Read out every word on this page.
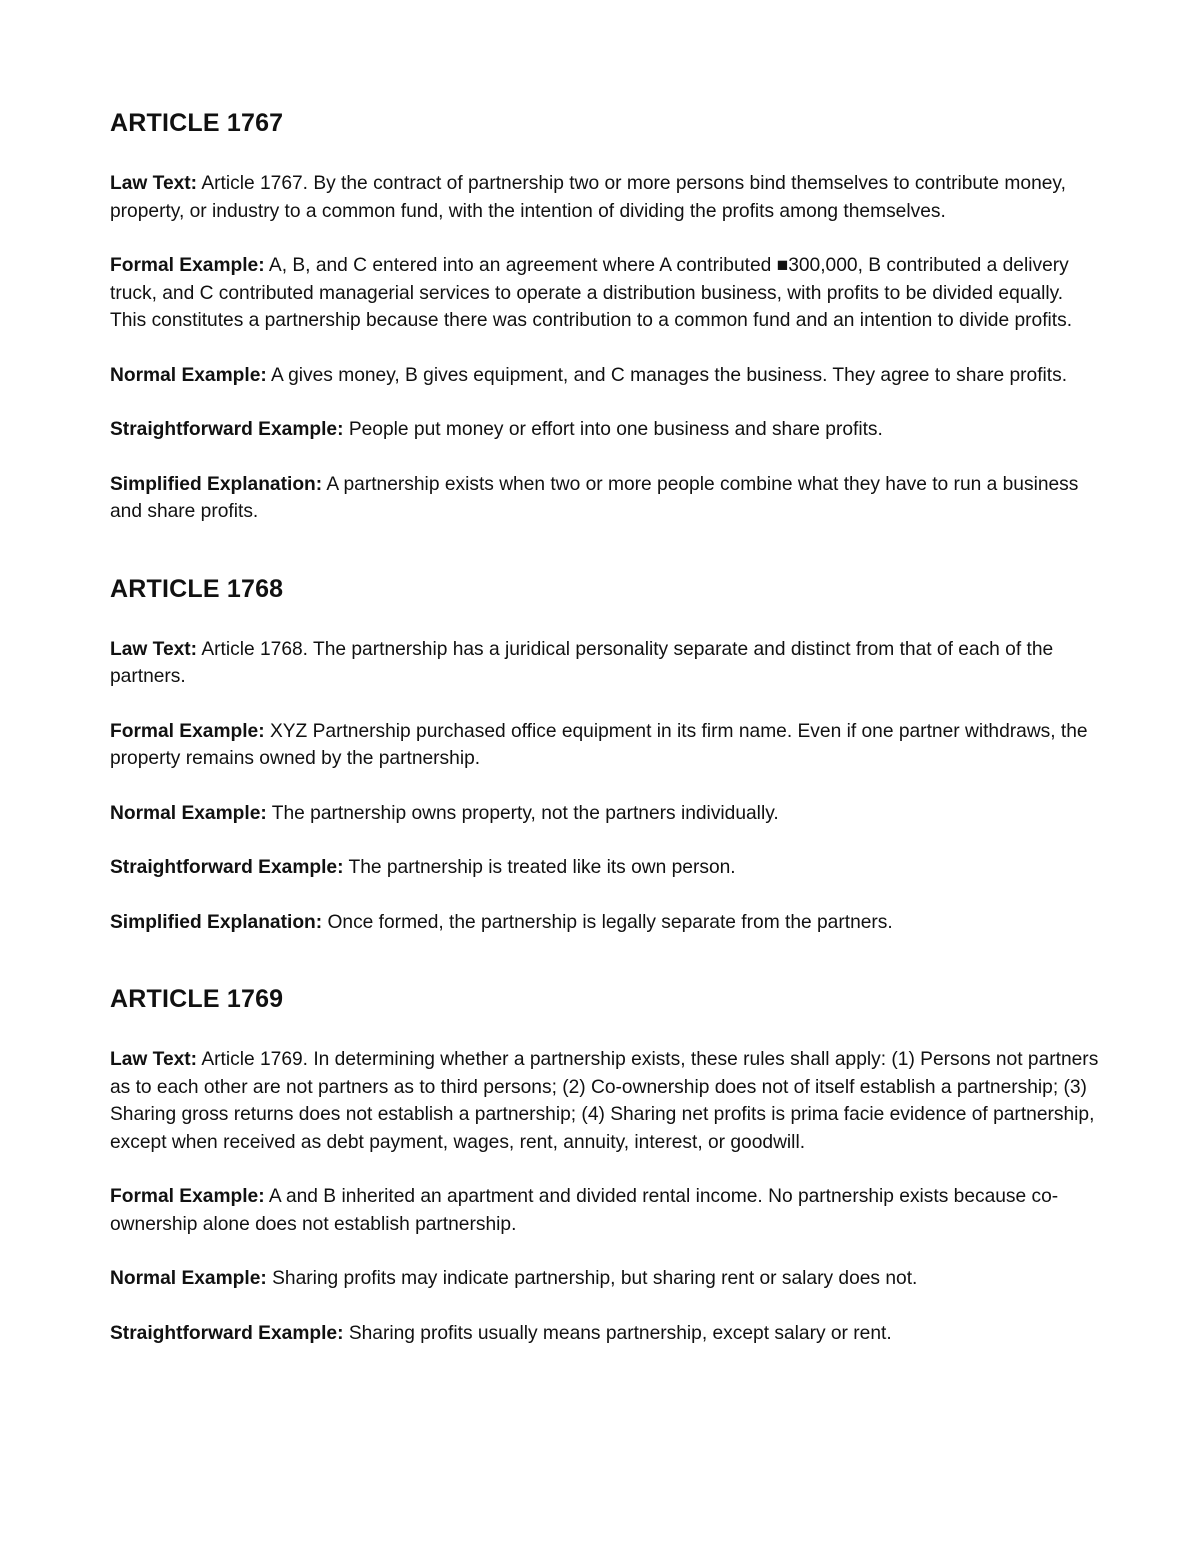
ARTICLE 1767

Law Text: Article 1767. By the contract of partnership two or more persons bind themselves to contribute money, property, or industry to a common fund, with the intention of dividing the profits among themselves.

Formal Example: A, B, and C entered into an agreement where A contributed ■300,000, B contributed a delivery truck, and C contributed managerial services to operate a distribution business, with profits to be divided equally. This constitutes a partnership because there was contribution to a common fund and an intention to divide profits.

Normal Example: A gives money, B gives equipment, and C manages the business. They agree to share profits.

Straightforward Example: People put money or effort into one business and share profits.

Simplified Explanation: A partnership exists when two or more people combine what they have to run a business and share profits.

ARTICLE 1768

Law Text: Article 1768. The partnership has a juridical personality separate and distinct from that of each of the partners.

Formal Example: XYZ Partnership purchased office equipment in its firm name. Even if one partner withdraws, the property remains owned by the partnership.

Normal Example: The partnership owns property, not the partners individually.

Straightforward Example: The partnership is treated like its own person.

Simplified Explanation: Once formed, the partnership is legally separate from the partners.

ARTICLE 1769

Law Text: Article 1769. In determining whether a partnership exists, these rules shall apply: (1) Persons not partners as to each other are not partners as to third persons; (2) Co-ownership does not of itself establish a partnership; (3) Sharing gross returns does not establish a partnership; (4) Sharing net profits is prima facie evidence of partnership, except when received as debt payment, wages, rent, annuity, interest, or goodwill.

Formal Example: A and B inherited an apartment and divided rental income. No partnership exists because co-ownership alone does not establish partnership.

Normal Example: Sharing profits may indicate partnership, but sharing rent or salary does not.

Straightforward Example: Sharing profits usually means partnership, except salary or rent.
